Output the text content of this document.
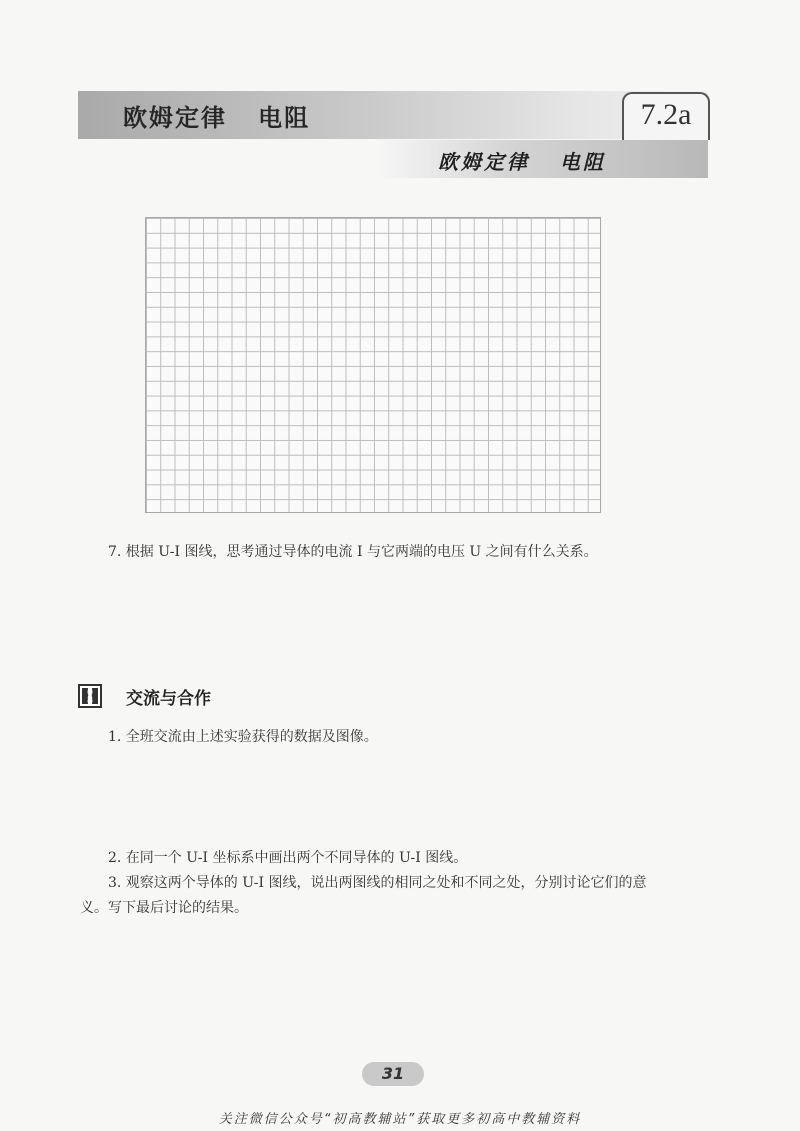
欧姆定律   电阻	7.2a
欧姆定律   电阻
7. 根据 U-I 图线，思考通过导体的电流 I 与它两端的电压 U 之间有什么关系。
交流与合作
1. 全班交流由上述实验获得的数据及图像。
2. 在同一个 U-I 坐标系中画出两个不同导体的 U-I 图线。
3. 观察这两个导体的 U-I 图线，说出两图线的相同之处和不同之处，分别讨论它们的意
义。写下最后讨论的结果。
31
关注微信公众号“初高教辅站”获取更多初高中教辅资料
